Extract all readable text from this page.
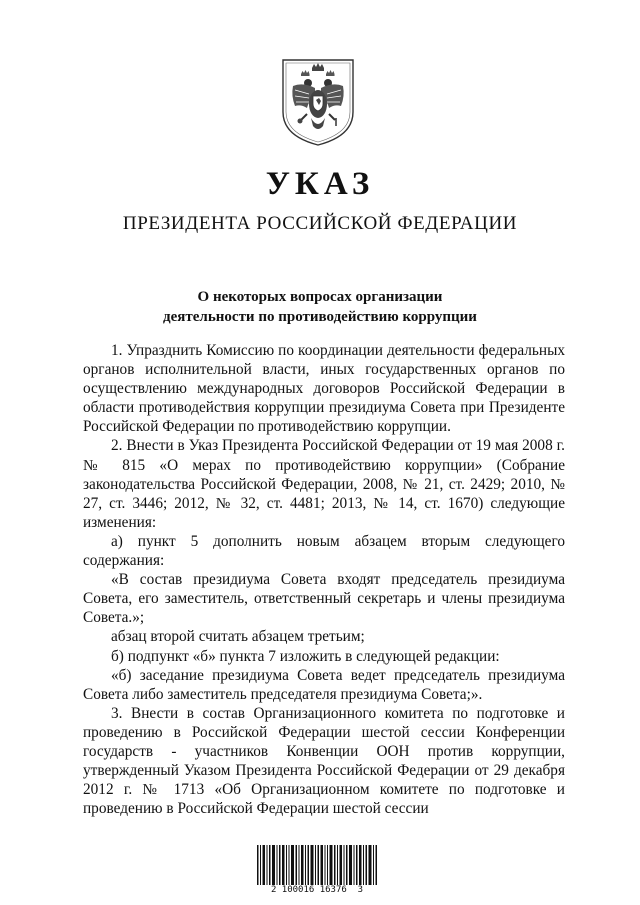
УКАЗ
ПРЕЗИДЕНТА РОССИЙСКОЙ ФЕДЕРАЦИИ
О некоторых вопросах организации
деятельности по противодействию коррупции

1. Упразднить Комиссию по координации деятельности федеральных органов исполнительной власти, иных государственных органов по осуществлению международных договоров Российской Федерации в области противодействия коррупции президиума Совета при Президенте Российской Федерации по противодействию коррупции.

2. Внести в Указ Президента Российской Федерации от 19 мая 2008 г. № 815 «О мерах по противодействию коррупции» (Собрание законодательства Российской Федерации, 2008, № 21, ст. 2429; 2010, № 27, ст. 3446; 2012, № 32, ст. 4481; 2013, № 14, ст. 1670) следующие изменения:

а) пункт 5 дополнить новым абзацем вторым следующего содержания:

«В состав президиума Совета входят председатель президиума Совета, его заместитель, ответственный секретарь и члены президиума Совета.»;

абзац второй считать абзацем третьим;

б) подпункт «б» пункта 7 изложить в следующей редакции:

«б) заседание президиума Совета ведет председатель президиума Совета либо заместитель председателя президиума Совета;».

3. Внести в состав Организационного комитета по подготовке и проведению в Российской Федерации шестой сессии Конференции государств - участников Конвенции ООН против коррупции, утвержденный Указом Президента Российской Федерации от 29 декабря 2012 г. № 1713 «Об Организационном комитете по подготовке и проведению в Российской Федерации шестой сессии

2 100016 16376  3
